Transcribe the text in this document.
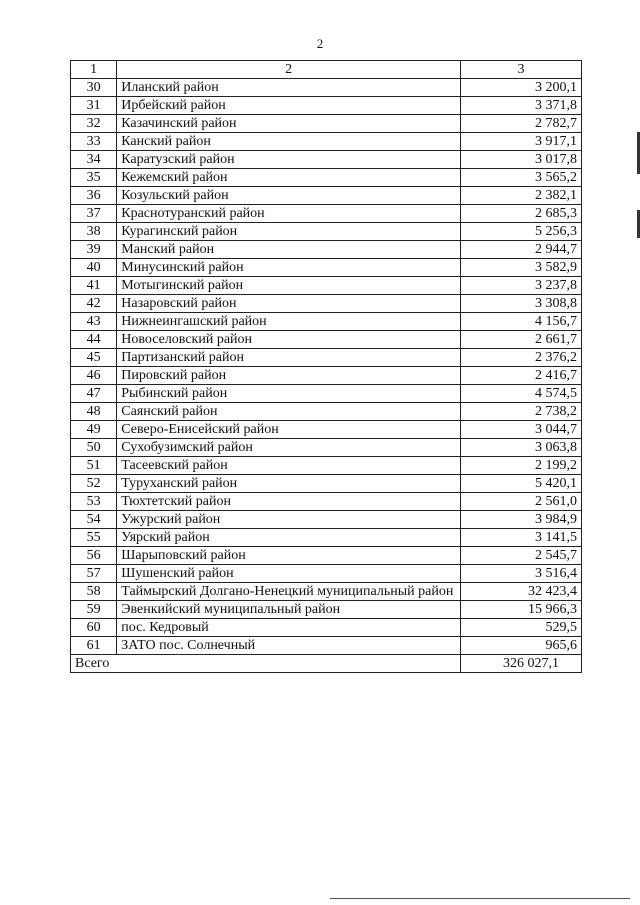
2
1	2	3
30	Иланский район	3 200,1
31	Ирбейский район	3 371,8
32	Казачинский район	2 782,7
33	Канский район	3 917,1
34	Каратузский район	3 017,8
35	Кежемский район	3 565,2
36	Козульский район	2 382,1
37	Краснотуранский район	2 685,3
38	Курагинский район	5 256,3
39	Манский район	2 944,7
40	Минусинский район	3 582,9
41	Мотыгинский район	3 237,8
42	Назаровский район	3 308,8
43	Нижнеингашский район	4 156,7
44	Новоселовский район	2 661,7
45	Партизанский район	2 376,2
46	Пировский район	2 416,7
47	Рыбинский район	4 574,5
48	Саянский район	2 738,2
49	Северо-Енисейский район	3 044,7
50	Сухобузимский район	3 063,8
51	Тасеевский район	2 199,2
52	Туруханский район	5 420,1
53	Тюхтетский район	2 561,0
54	Ужурский район	3 984,9
55	Уярский район	3 141,5
56	Шарыповский район	2 545,7
57	Шушенский район	3 516,4
58	Таймырский Долгано-Ненецкий муниципальный район	32 423,4
59	Эвенкийский муниципальный район	15 966,3
60	пос. Кедровый	529,5
61	ЗАТО пос. Солнечный	965,6
Всего		326 027,1
